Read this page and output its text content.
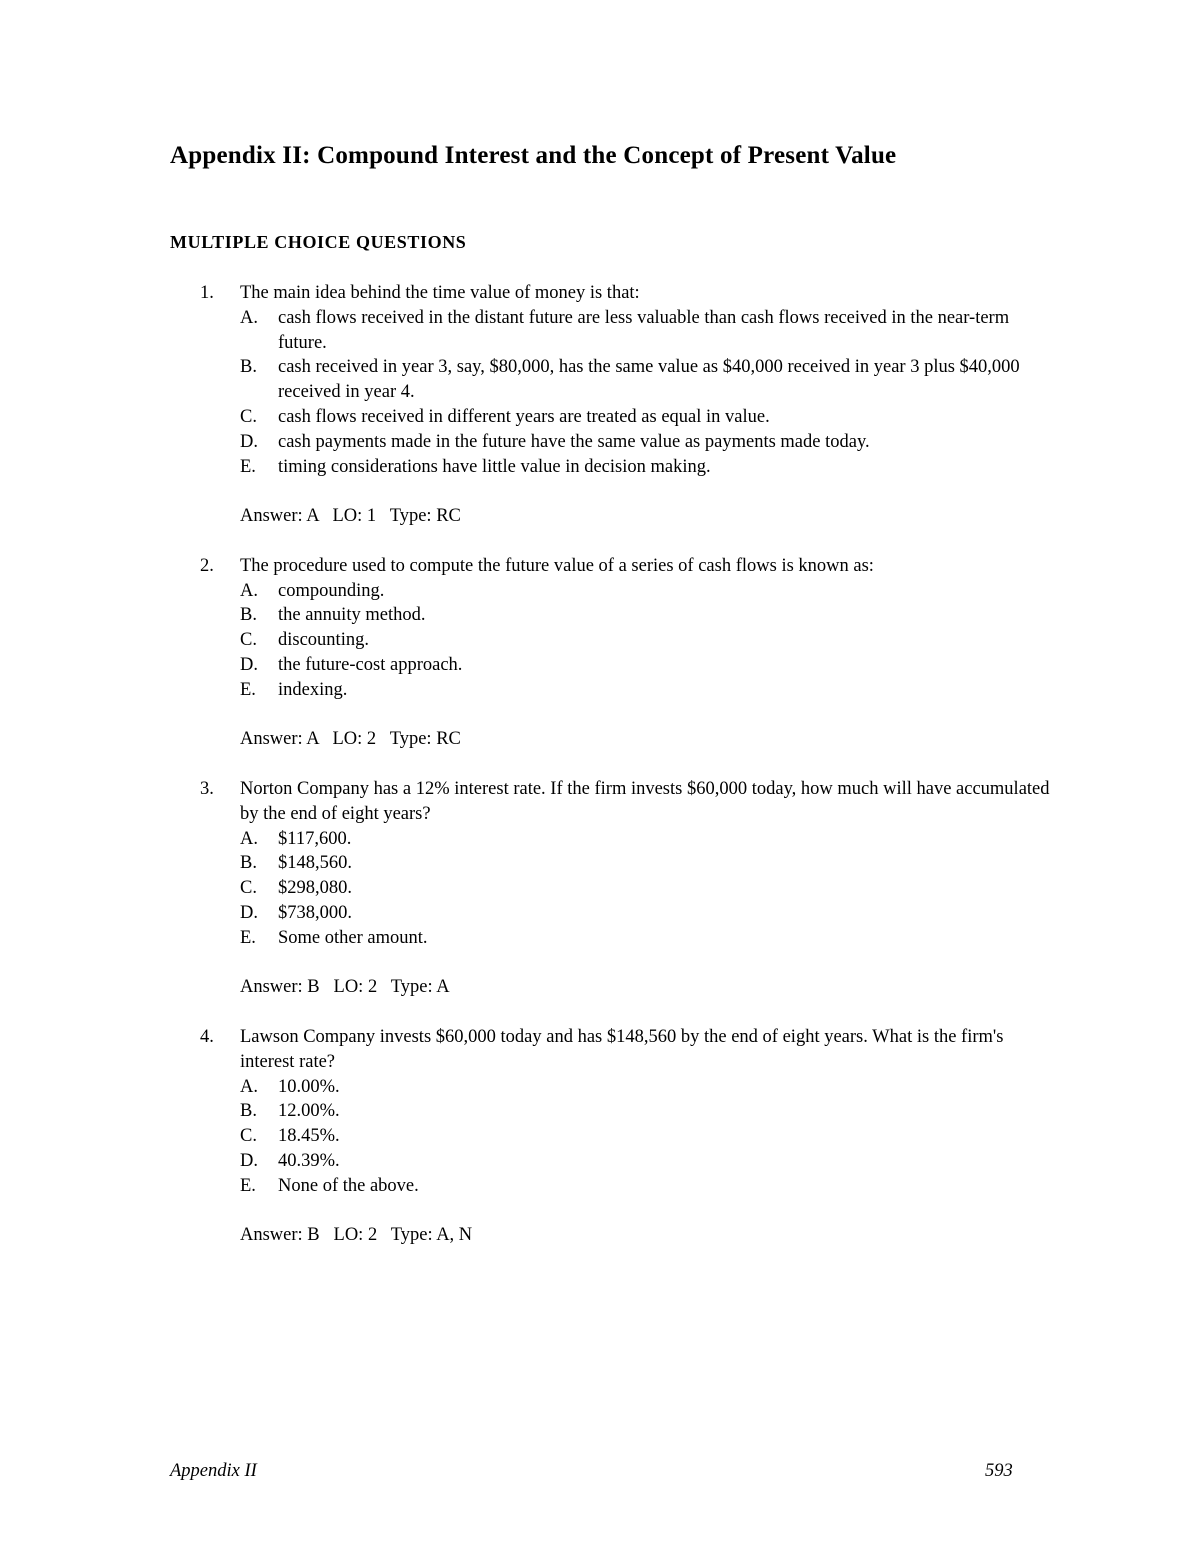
Appendix II: Compound Interest and the Concept of Present Value
MULTIPLE CHOICE QUESTIONS
1.	The main idea behind the time value of money is that:
A.	cash flows received in the distant future are less valuable than cash flows received in the near-term future.
B.	cash received in year 3, say, $80,000, has the same value as $40,000 received in year 3 plus $40,000 received in year 4.
C.	cash flows received in different years are treated as equal in value.
D.	cash payments made in the future have the same value as payments made today.
E.	timing considerations have little value in decision making.
Answer: A   LO: 1   Type: RC
2.	The procedure used to compute the future value of a series of cash flows is known as:
A.	compounding.
B.	the annuity method.
C.	discounting.
D.	the future-cost approach.
E.	indexing.
Answer: A   LO: 2   Type: RC
3.	Norton Company has a 12% interest rate. If the firm invests $60,000 today, how much will have accumulated by the end of eight years?
A.	$117,600.
B.	$148,560.
C.	$298,080.
D.	$738,000.
E.	Some other amount.
Answer: B   LO: 2   Type: A
4.	Lawson Company invests $60,000 today and has $148,560 by the end of eight years. What is the firm's interest rate?
A.	10.00%.
B.	12.00%.
C.	18.45%.
D.	40.39%.
E.	None of the above.
Answer: B   LO: 2   Type: A, N
Appendix II	593
